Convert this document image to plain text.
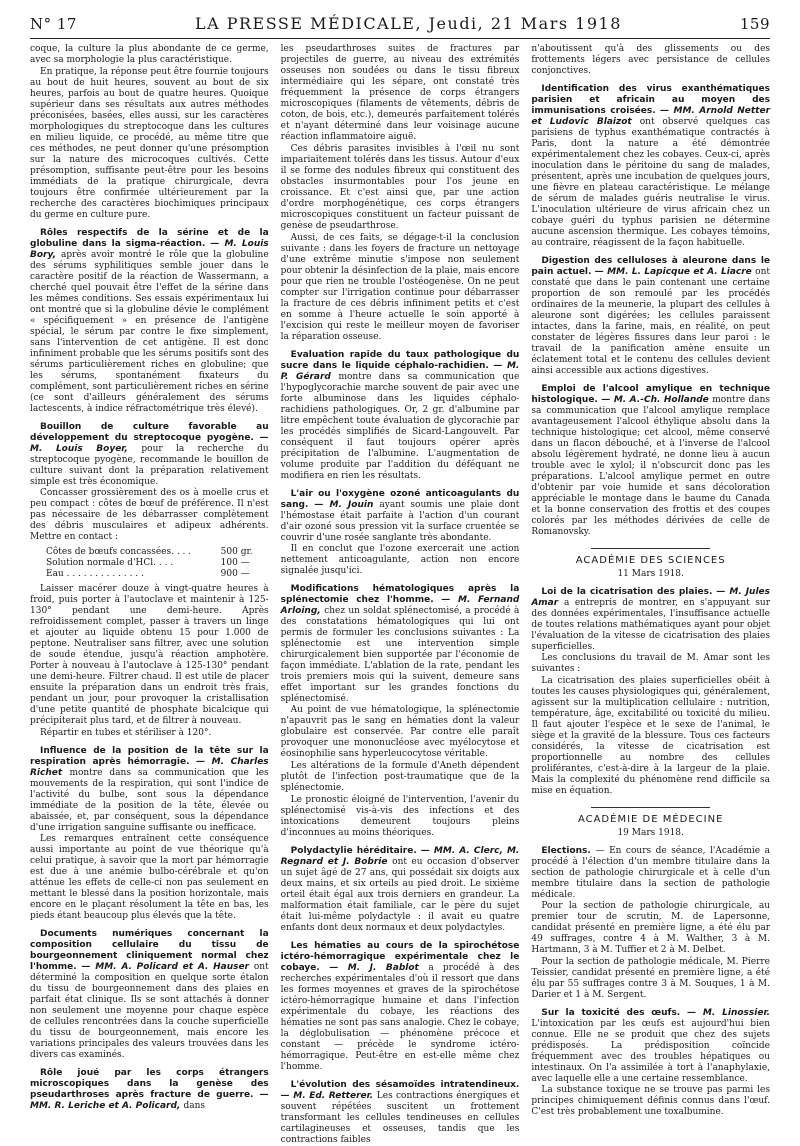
N° 17	LA PRESSE MÉDICALE, Jeudi, 21 Mars 1918	159

coque, la culture la plus abondante de ce germe, avec sa morphologie la plus caractéristique.

En pratique, la réponse peut être fournie toujours au bout de huit heures, souvent au bout de six heures, parfois au bout de quatre heures. Quoique supérieur dans ses résultats aux autres méthodes préconisées, basées, elles aussi, sur les caractères morphologiques du streptocoque dans les cultures en milieu liquide, ce procédé, au même titre que ces méthodes, ne peut donner qu'une présomption sur la nature des microcoques cultivés. Cette présomption, suffisante peut-être pour les besoins immédiats de la pratique chirurgicale, devra toujours être confirmée ultérieurement par la recherche des caractères biochimiques principaux du germe en culture pure.

Rôles respectifs de la sérine et de la globuline dans la sigma-réaction. — M. Louis Bory, après avoir montré le rôle que la globuline des sérums syphilitiques semble jouer dans le caractère positif de la réaction de Wassermann, a cherché quel pouvait être l'effet de la sérine dans les mêmes conditions. Ses essais expérimentaux lui ont montré que si la globuline dévie le complément « spécifiquement » en présence de l'antigène spécial, le sérum par contre le fixe simplement, sans l'intervention de cet antigène. Il est donc infiniment probable que les sérums positifs sont des sérums particulièrement riches en globuline; que les sérums, spontanément fixateurs du complément, sont particulièrement riches en sérine (ce sont d'ailleurs généralement des sérums lactescents, à indice réfractométrique très élevé).
Bouillon de culture favorable au développement du streptocoque pyogène. — M. Louis Boyer, pour la recherche du streptocoque pyogène, recommande le bouillon de culture suivant dont la préparation relativement simple est très économique.

Concasser grossièrement des os à moelle crus et peu compact : côtes de bœuf de préférence. Il n'est pas nécessaire de les débarrasser complètement des débris musculaires et adipeux adhérents. Mettre en contact :

Côtes de bœufs concassées. . . .	500 gr.
Solution normale d'HCl. . . .	100 —
Eau . . . . . . . . . . . . . .	900 —

Laisser macérer douze à vingt-quatre heures à froid, puis porter à l'autoclave et maintenir à 125-130° pendant une demi-heure. Après refroidissement complet, passer à travers un linge et ajouter au liquide obtenu 15 pour 1.000 de peptone. Neutraliser sans filtrer, avec une solution de soude étendue, jusqu'à réaction amphotère. Porter à nouveau à l'autoclave à 125-130° pendant une demi-heure. Filtrer chaud. Il est utile de placer ensuite la préparation dans un endroit très frais, pendant un jour, pour provoquer la cristallisation d'une petite quantité de phosphate bicalcique qui précipiterait plus tard, et de filtrer à nouveau.

Répartir en tubes et stériliser à 120°.

Influence de la position de la tête sur la respiration après hémorragie. — M. Charles Richet montre dans sa communication que les mouvements de la respiration, qui sont l'indice de l'activité du bulbe, sont sous la dépendance immédiate de la position de la tête, élevée ou abaissée, et, par conséquent, sous la dépendance d'une irrigation sanguine suffisante ou inefficace.

Les remarques entraînent cette conséquence aussi importante au point de vue théorique qu'à celui pratique, à savoir que la mort par hémorragie est due à une anémie bulbo-cérébrale et qu'on atténue les effets de celle-ci non pas seulement en mettant le blessé dans la position horizontale, mais encore en le plaçant résolument la tête en bas, les pieds étant beaucoup plus élevés que la tête.

Documents numériques concernant la composition cellulaire du tissu de bourgeonnement cliniquement normal chez l'homme. — MM. A. Policard et A. Hauser ont déterminé la composition en quelque sorte étalon du tissu de bourgeonnement dans des plaies en parfait état clinique. Ils se sont attachés à donner non seulement une moyenne pour chaque espèce de cellules rencontrées dans la couche superficielle du tissu de bourgeonnement, mais encore les variations principales des valeurs trouvées dans les divers cas examinés.
Rôle joué par les corps étrangers microscopiques dans la genèse des pseudarthroses après fracture de guerre. — MM. R. Leriche et A. Policard, dans

les pseudarthroses suites de fractures par projectiles de guerre, au niveau des extrémités osseuses non soudées ou dans le tissu fibreux intermédiaire qui les sépare, ont constaté très fréquemment la présence de corps étrangers microscopiques (filaments de vêtements, débris de coton, de bois, etc.), demeurés parfaitement tolérés et n'ayant déterminé dans leur voisinage aucune réaction inflammatoire aiguë.

Ces débris parasites invisibles à l'œil nu sont impariaitement tolérés dans les tissus. Autour d'eux il se forme des nodules fibreux qui constituent des obstacles insurmontables pour l'os jeune en croissance. Et c'est ainsi que, par une action d'ordre morphogénétique, ces corps étrangers microscopiques constituent un facteur puissant de genèse de pseudarthrose.

Aussi, de ces faits, se dégage-t-il la conclusion suivante : dans les foyers de fracture un nettoyage d'une extrême minutie s'impose non seulement pour obtenir la désinfection de la plaie, mais encore pour que rien ne trouble l'ostéogenèse. On ne peut compter sur l'irrigation continue pour débarrasser la fracture de ces débris infiniment petits et c'est en somme à l'heure actuelle le soin apporté à l'excision qui reste le meilleur moyen de favoriser la réparation osseuse.

Evaluation rapide du taux pathologique du sucre dans le liquide céphalo-rachidien. — M. P. Gérard montre dans sa communication que l'hypoglycorachie marche souvent de pair avec une forte albuminose dans les liquides céphalo-rachidiens pathologiques. Or, 2 gr. d'albumine par litre empêchent toute évaluation de glycorachie par les procédés simplifiés de Sicard-Langouvelt. Par conséquent il faut toujours opérer après précipitation de l'albumine. L'augmentation de volume produite par l'addition du déféquant ne modifiera en rien les résultats.
L'air ou l'oxygène ozoné anticoagulants du sang. — M. Jouin ayant soumis une plaie dont l'hémostase était parfaite à l'action d'un courant d'air ozoné sous pression vit la surface cruentée se couvrir d'une rosée sanglante très abondante.

Il en conclut que l'ozone exercerait une action nettement anticoagulante, action non encore signalée jusqu'ici.

Modifications hématologiques après la splénectomie chez l'homme. — M. Fernand Arloing, chez un soldat splénectomisé, a procédé à des constatations hématologiques qui lui ont permis de formuler les conclusions suivantes : La splénectomie est une intervention simple chirurgicalement bien supportée par l'économie de façon immédiate. L'ablation de la rate, pendant les trois premiers mois qui la suivent, demeure sans effet important sur les grandes fonctions du splénectomisé.

Au point de vue hématologique, la splénectomie n'apauvrit pas le sang en hématies dont la valeur globulaire est conservée. Par contre elle paraît provoquer une mononucléose avec myélocytose et éosinophilie sans hyperleucocytose véritable.

Les altérations de la formule d'Aneth dépendent plutôt de l'infection post-traumatique que de la splénectomie.

Le pronostic éloigné de l'intervention, l'avenir du splénectomisé vis-à-vis des infections et des intoxications demeurent toujours pleins d'inconnues au moins théoriques.

Polydactylie héréditaire. — MM. A. Clerc, M. Regnard et J. Bobrie ont eu occasion d'observer un sujet âgé de 27 ans, qui possédait six doigts aux deux mains, et six orteils au pied droit. Le sixième orteil était égal aux trois derniers en grandeur. La malformation était familiale, car le père du sujet était lui-même polydactyle : il avait eu quatre enfants dont deux normaux et deux polydactyles.
Les hématies au cours de la spirochétose ictéro-hémorragique expérimentale chez le cobaye. — M. J. Bablot a procédé à des recherches expérimentales d'où il ressort que dans les formes moyennes et graves de la spirochétose ictéro-hémorragique humaine et dans l'infection expérimentale du cobaye, les réactions des hématies ne sont pas sans analogie. Chez le cobaye, la déglobulisation — phénomène précoce et constant — précède le syndrome ictéro-hémorragique. Peut-être en est-elle même chez l'homme.
L'évolution des sésamoïdes intratendineux. — M. Ed. Retterer. Les contractions énergiques et souvent répétées suscitent un frottement transformant les cellules tendineuses en cellules cartilagineuses et osseuses, tandis que les contractions faibles

n'aboutissent qu'à des glissements ou des frottements légers avec persistance de cellules conjonctives.

Identification des virus exanthématiques parisien et africain au moyen des immunisations croisées. — MM. Arnold Netter et Ludovic Blaizot ont observé quelques cas parisiens de typhus exanthématique contractés à Paris, dont la nature a été démontrée expérimentalement chez les cobayes. Ceux-ci, après inoculation dans le péritoine du sang de malades, présentent, après une incubation de quelques jours, une fièvre en plateau caractéristique. Le mélange de sérum de malades guéris neutralise le virus. L'inoculation ultérieure de virus africain chez un cobaye guéri du typhus parisien ne détermine aucune ascension thermique. Les cobayes témoins, au contraire, réagissent de la façon habituelle.
Digestion des celluloses à aleurone dans le pain actuel. — MM. L. Lapicque et A. Liacre ont constaté que dans le pain contenant une certaine proportion de son remoulé par les procédés ordinaires de la meunerie, la plupart des cellules à aleurone sont digérées; les cellules paraissent intactes, dans la farine, mais, en réalité, on peut constater de légères fissures dans leur paroi : le travail de la panification amène ensuite un éclatement total et le contenu des cellules devient ainsi accessible aux actions digestives.
Emploi de l'alcool amylique en technique histologique. — M. A.-Ch. Hollande montre dans sa communication que l'alcool amylique remplace avantageusement l'alcool éthylique absolu dans la technique histologique; cet alcool, même conservé dans un flacon débouché, et à l'inverse de l'alcool absolu légèrement hydraté, ne donne lieu à aucun trouble avec le xylol; il n'obscurcit donc pas les préparations. L'alcool amylique permet en outre d'obtenir par voie humide et sans décoloration appréciable le montage dans le baume du Canada et la bonne conservation des frottis et des coupes colorés par les méthodes dérivées de celle de Romanovsky.
ACADÉMIE DES SCIENCES
11 Mars 1918.
Loi de la cicatrisation des plaies. — M. Jules Amar a entrepris de montrer, en s'appuyant sur des données expérimentales, l'insuffisance actuelle de toutes relations mathématiques ayant pour objet l'évaluation de la vitesse de cicatrisation des plaies superficielles.

Les conclusions du travail de M. Amar sont les suivantes :

La cicatrisation des plaies superficielles obéit à toutes les causes physiologiques qui, généralement, agissent sur la multiplication cellulaire : nutrition, température, âge, excitabilité ou toxicité du milieu. Il faut ajouter l'espèce et le sexe de l'animal, le siège et la gravité de la blessure. Tous ces facteurs considérés, la vitesse de cicatrisation est proportionnelle au nombre des cellules proliférantes, c'est-à-dire à la largeur de la plaie. Mais la complexité du phénomène rend difficile sa mise en équation.

ACADÉMIE DE MÉDECINE
19 Mars 1918.
Elections. — En cours de séance, l'Académie a procédé à l'élection d'un membre titulaire dans la section de pathologie chirurgicale et à celle d'un membre titulaire dans la section de pathologie médicale.

Pour la section de pathologie chirurgicale, au premier tour de scrutin, M. de Lapersonne, candidat présenté en première ligne, a été élu par 49 suffrages, contre 4 à M. Walther, 3 à M. Hartmann, 3 à M. Tuffier et 2 à M. Delbet.

Pour la section de pathologie médicale, M. Pierre Teissier, candidat présenté en première ligne, a été élu par 55 suffrages contre 3 à M. Souques, 1 à M. Darier et 1 à M. Sergent.

Sur la toxicité des œufs. — M. Linossier. L'intoxication par les œufs est aujourd'hui bien connue. Elle ne se produit que chez des sujets prédisposés. La prédisposition coïncide fréquemment avec des troubles hépatiques ou intestinaux. On l'a assimilée à tort à l'anaphylaxie, avec laquelle elle a une certaine ressemblance.

La substance toxique ne se trouve pas parmi les principes chimiquement définis connus dans l'œuf. C'est très probablement une toxalbumine.
